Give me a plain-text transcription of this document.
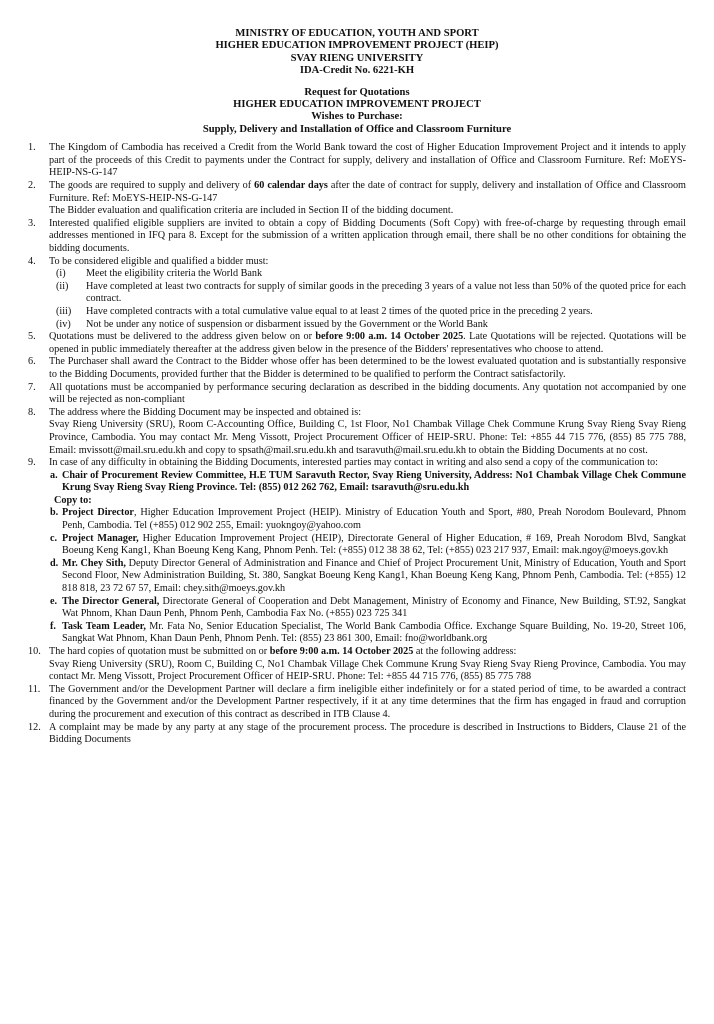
MINISTRY OF EDUCATION, YOUTH AND SPORT
HIGHER EDUCATION IMPROVEMENT PROJECT (HEIP)
SVAY RIENG UNIVERSITY
IDA-Credit No. 6221-KH
Request for Quotations
HIGHER EDUCATION IMPROVEMENT PROJECT
Wishes to Purchase:
Supply, Delivery and Installation of Office and Classroom Furniture
1.	The Kingdom of Cambodia has received a Credit from the World Bank toward the cost of Higher Education Improvement Project and it intends to apply part of the proceeds of this Credit to payments under the Contract for supply, delivery and installation of Office and Classroom Furniture. Ref: MoEYS-HEIP-NS-G-147
2.	The goods are required to supply and delivery of 60 calendar days after the date of contract for supply, delivery and installation of Office and Classroom Furniture. Ref: MoEYS-HEIP-NS-G-147
The Bidder evaluation and qualification criteria are included in Section II of the bidding document.
3.	Interested qualified eligible suppliers are invited to obtain a copy of Bidding Documents (Soft Copy) with free-of-charge by requesting through email addresses mentioned in IFQ para 8. Except for the submission of a written application through email, there shall be no other conditions for obtaining the bidding documents.
4.	To be considered eligible and qualified a bidder must:
(i) Meet the eligibility criteria the World Bank
(ii) Have completed at least two contracts for supply of similar goods in the preceding 3 years of a value not less than 50% of the quoted price for each contract.
(iii) Have completed contracts with a total cumulative value equal to at least 2 times of the quoted price in the preceding 2 years.
(iv) Not be under any notice of suspension or disbarment issued by the Government or the World Bank
5.	Quotations must be delivered to the address given below on or before 9:00 a.m. 14 October 2025. Late Quotations will be rejected. Quotations will be opened in public immediately thereafter at the address given below in the presence of the Bidders' representatives who choose to attend.
6.	The Purchaser shall award the Contract to the Bidder whose offer has been determined to be the lowest evaluated quotation and is substantially responsive to the Bidding Documents, provided further that the Bidder is determined to be qualified to perform the Contract satisfactorily.
7.	All quotations must be accompanied by performance securing declaration as described in the bidding documents. Any quotation not accompanied by one will be rejected as non-compliant
8.	The address where the Bidding Document may be inspected and obtained is:
Svay Rieng University (SRU), Room C-Accounting Office, Building C, 1st Floor, No1 Chambak Village Chek Commune Krung Svay Rieng Svay Rieng Province, Cambodia. You may contact Mr. Meng Vissott, Project Procurement Officer of HEIP-SRU. Phone: Tel: +855 44 715 776, (855) 85 775 788, Email: mvissott@mail.sru.edu.kh and copy to spsath@mail.sru.edu.kh and tsaravuth@mail.sru.edu.kh to obtain the Bidding Documents at no cost.
9.	In case of any difficulty in obtaining the Bidding Documents, interested parties may contact in writing and also send a copy of the communication to:
a. Chair of Procurement Review Committee, H.E TUM Saravuth Rector, Svay Rieng University, Address: No1 Chambak Village Chek Commune Krung Svay Rieng Svay Rieng Province. Tel: (855) 012 262 762, Email: tsaravuth@sru.edu.kh
Copy to:
b. Project Director, Higher Education Improvement Project (HEIP). Ministry of Education Youth and Sport, #80, Preah Norodom Boulevard, Phnom Penh, Cambodia. Tel (+855) 012 902 255, Email: yuokngoy@yahoo.com
c. Project Manager, Higher Education Improvement Project (HEIP), Directorate General of Higher Education, # 169, Preah Norodom Blvd, Sangkat Boeung Keng Kang1, Khan Boeung Keng Kang, Phnom Penh. Tel: (+855) 012 38 38 62, Tel: (+855) 023 217 937, Email: mak.ngoy@moeys.gov.kh
d. Mr. Chey Sith, Deputy Director General of Administration and Finance and Chief of Project Procurement Unit, Ministry of Education, Youth and Sport Second Floor, New Administration Building, St. 380, Sangkat Boeung Keng Kang1, Khan Boeung Keng Kang, Phnom Penh, Cambodia. Tel: (+855) 12 818 818, 23 72 67 57, Email: chey.sith@moeys.gov.kh
e. The Director General, Directorate General of Cooperation and Debt Management, Ministry of Economy and Finance, New Building, ST.92, Sangkat Wat Phnom, Khan Daun Penh, Phnom Penh, Cambodia Fax No. (+855) 023 725 341
f. Task Team Leader, Mr. Fata No, Senior Education Specialist, The World Bank Cambodia Office. Exchange Square Building, No. 19-20, Street 106, Sangkat Wat Phnom, Khan Daun Penh, Phnom Penh. Tel: (855) 23 861 300, Email: fno@worldbank.org
10. The hard copies of quotation must be submitted on or before 9:00 a.m. 14 October 2025 at the following address:
Svay Rieng University (SRU), Room C, Building C, No1 Chambak Village Chek Commune Krung Svay Rieng Svay Rieng Province, Cambodia. You may contact Mr. Meng Vissott, Project Procurement Officer of HEIP-SRU. Phone: Tel: +855 44 715 776, (855) 85 775 788
11. The Government and/or the Development Partner will declare a firm ineligible either indefinitely or for a stated period of time, to be awarded a contract financed by the Government and/or the Development Partner respectively, if it at any time determines that the firm has engaged in fraud and corruption during the procurement and execution of this contract as described in ITB Clause 4.
12. A complaint may be made by any party at any stage of the procurement process. The procedure is described in Instructions to Bidders, Clause 21 of the Bidding Documents
